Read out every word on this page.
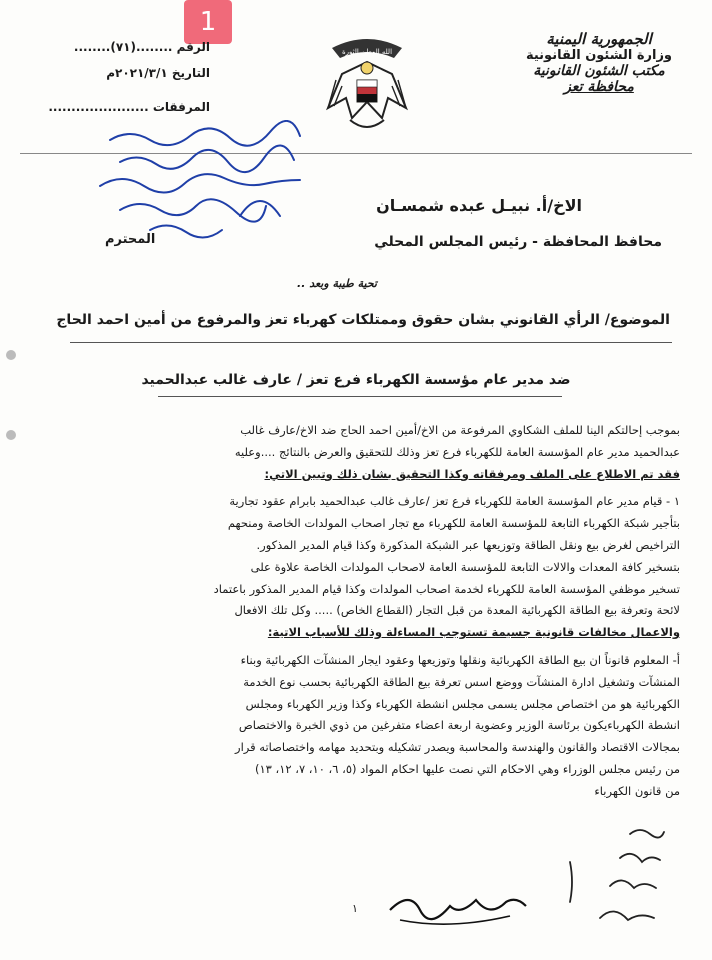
1
الجمهورية اليمنية
وزارة الشئون القانونية
مكتب الشئون القانونية
محافظة تعز
الله الوطن الثورة
الرقم ........(٧١)........
التاريخ ٢٠٢١/٣/١م
المرفقات ......................
الاخ/أ. نبيـل عبده شمسـان
محافظ المحافظة - رئيس المجلس المحلي
المحترم
تحية طيبة وبعد ..
الموضوع/ الرأي القانوني بشان حقوق وممتلكات كهرباء تعز والمرفوع من أمين احمد الحاج
ضد مدير عام مؤسسة الكهرباء فرع تعز / عارف غالب عبدالحميد

بموجب إحالتكم الينا للملف الشكاوي المرفوعة من الاخ/أمين احمد الحاج ضد الاخ/عارف غالب

عبدالحميد مدير عام المؤسسة العامة للكهرباء فرع تعز وذلك للتحقيق والعرض بالنتائج ....وعليه

فقد تم الاطلاع على الملف ومرفقاته وكذا التحقيق بشان ذلك وتبين الاتي:

١ - قيام مدير عام المؤسسة العامة للكهرباء فرع تعز /عارف غالب عبدالحميد بابرام عقود تجارية

بتأجير شبكة الكهرباء التابعة للمؤسسة العامة للكهرباء مع تجار اصحاب المولدات الخاصة ومنحهم

التراخيص لغرض بيع ونقل الطاقة وتوزيعها عبر الشبكة المذكورة وكذا قيام المدير المذكور.

بتسخير كافة المعدات والالات التابعة للمؤسسة العامة لاصحاب المولدات الخاصة علاوة على

تسخير موظفي المؤسسة العامة للكهرباء لخدمة اصحاب المولدات وكذا قيام المدير المذكور باعتماد

لائحة وتعرفة بيع الطاقة الكهربائية المعدة من قبل التجار (القطاع الخاص) ..... وكل تلك الافعال

والاعمال مخالفات قانونية جسيمة تستوجب المساءلة وذلك للأسباب الاتية:

أ- المعلوم قانوناً ان بيع الطاقة الكهربائية ونقلها وتوزيعها وعقود ايجار المنشآت الكهربائية وبناء

المنشآت وتشغيل ادارة المنشآت ووضع اسس تعرفة بيع الطاقة الكهربائية بحسب نوع الخدمة

الكهربائية هو من اختصاص مجلس يسمى مجلس انشطة الكهرباء وكذا وزير الكهرباء ومجلس

انشطة الكهرباءيكون برئاسة الوزير وعضوية اربعة اعضاء متفرغين من ذوي الخبرة والاختصاص

بمجالات الاقتصاد والقانون والهندسة والمحاسبة ويصدر تشكيله وبتحديد مهامه واختصاصاته قرار

من رئيس مجلس الوزراء وهي الاحكام التي نصت عليها احكام المواد (٥، ٦، ١٠، ٧، ١٢، ١٣)

من قانون الكهرباء

١
